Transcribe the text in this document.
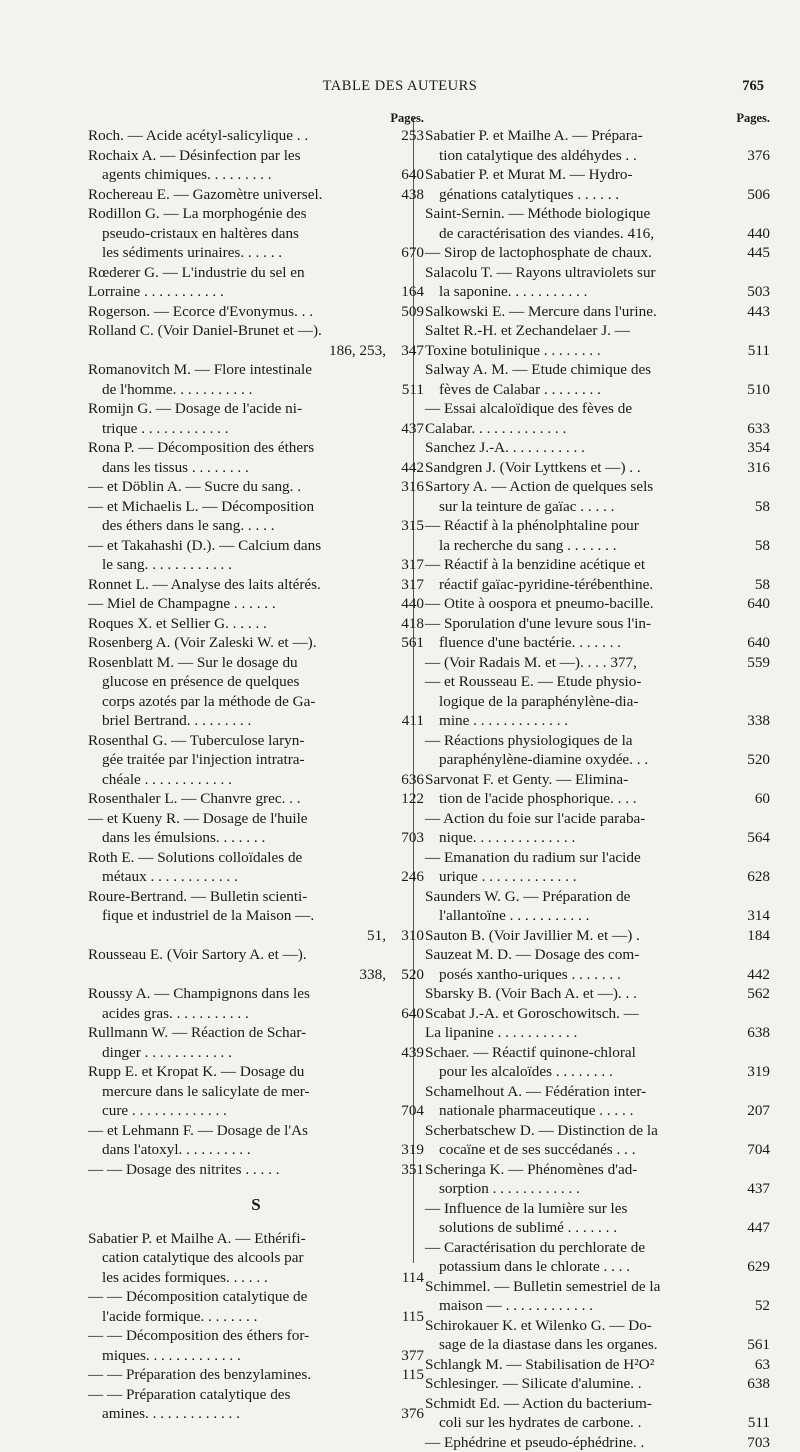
TABLE DES AUTEURS	765
Pages.
Roch. — Acide acétyl-salicylique . .	253
Rochaix A. — Désinfection par les
agents chimiques. . . . . . . . .	640
Rochereau E. — Gazomètre universel.	438
Rodillon G. — La morphogénie des
pseudo-cristaux en haltères dans
les sédiments urinaires. . . . . .	670
Rœderer G. — L'industrie du sel en
Lorraine . . . . . . . . . . .	164
Rogerson. — Ecorce d'Evonymus. . .	509
Rolland C. (Voir Daniel-Brunet et —).
186, 253,	347
Romanovitch M. — Flore intestinale
de l'homme. . . . . . . . . . .	511
Romijn G. — Dosage de l'acide ni-
trique . . . . . . . . . . . .	437
Rona P. — Décomposition des éthers
dans les tissus . . . . . . . .	442
— et Döblin A. — Sucre du sang. .	316
— et Michaelis L. — Décomposition
des éthers dans le sang. . . . .	315
— et Takahashi (D.). — Calcium dans
le sang. . . . . . . . . . . .	317
Ronnet L. — Analyse des laits altérés.	317
— Miel de Champagne . . . . . .	440
Roques X. et Sellier G. . . . . .	418
Rosenberg A. (Voir Zaleski W. et —).	561
Rosenblatt M. — Sur le dosage du
glucose en présence de quelques
corps azotés par la méthode de Ga-
briel Bertrand. . . . . . . . .	411
Rosenthal G. — Tuberculose laryn-
gée traitée par l'injection intratra-
chéale . . . . . . . . . . . .	636
Rosenthaler L. — Chanvre grec. . .	122
— et Kueny R. — Dosage de l'huile
dans les émulsions. . . . . . .	703
Roth E. — Solutions colloïdales de
métaux . . . . . . . . . . . .	246
Roure-Bertrand. — Bulletin scienti-
fique et industriel de la Maison —.
51,	310
Rousseau E. (Voir Sartory A. et —).
338,	520
Roussy A. — Champignons dans les
acides gras. . . . . . . . . . .	640
Rullmann W. — Réaction de Schar-
dinger . . . . . . . . . . . .	439
Rupp E. et Kropat K. — Dosage du
mercure dans le salicylate de mer-
cure . . . . . . . . . . . . .	704
— et Lehmann F. — Dosage de l'As
dans l'atoxyl. . . . . . . . . .	319
— — Dosage des nitrites . . . . .	351
S
Sabatier P. et Mailhe A. — Ethérifi-
cation catalytique des alcools par
les acides formiques. . . . . .	114
— — Décomposition catalytique de
l'acide formique. . . . . . . .	115
— — Décomposition des éthers for-
miques. . . . . . . . . . . . .	377
— — Préparation des benzylamines.	115
— — Préparation catalytique des
amines. . . . . . . . . . . . .	376
Pages.
Sabatier P. et Mailhe A. — Prépara-
tion catalytique des aldéhydes . .	376
Sabatier P. et Murat M. — Hydro-
génations catalytiques . . . . . .	506
Saint-Sernin. — Méthode biologique
de caractérisation des viandes. 416,	440
— Sirop de lactophosphate de chaux.	445
Salacolu T. — Rayons ultraviolets sur
la saponine. . . . . . . . . . .	503
Salkowski E. — Mercure dans l'urine.	443
Saltet R.-H. et Zechandelaer J. —
Toxine botulinique . . . . . . . .	511
Salway A. M. — Etude chimique des
fèves de Calabar . . . . . . . .	510
— Essai alcaloïdique des fèves de
Calabar. . . . . . . . . . . . .	633
Sanchez J.-A. . . . . . . . . . .	354
Sandgren J. (Voir Lyttkens et —) . .	316
Sartory A. — Action de quelques sels
sur la teinture de gaïac . . . . .	58
— Réactif à la phénolphtaline pour
la recherche du sang . . . . . . .	58
— Réactif à la benzidine acétique et
réactif gaïac-pyridine-térébenthine.	58
— Otite à oospora et pneumo-bacille.	640
— Sporulation d'une levure sous l'in-
fluence d'une bactérie. . . . . . .	640
— (Voir Radais M. et —). . . . 377,	559
— et Rousseau E. — Etude physio-
logique de la paraphénylène-dia-
mine . . . . . . . . . . . . .	338
— Réactions physiologiques de la
paraphénylène-diamine oxydée. . .	520
Sarvonat F. et Genty. — Elimina-
tion de l'acide phosphorique. . . .	60
— Action du foie sur l'acide paraba-
nique. . . . . . . . . . . . . .	564
— Emanation du radium sur l'acide
urique . . . . . . . . . . . . .	628
Saunders W. G. — Préparation de
l'allantoïne . . . . . . . . . . .	314
Sauton B. (Voir Javillier M. et —) .	184
Sauzeat M. D. — Dosage des com-
posés xantho-uriques . . . . . . .	442
Sbarsky B. (Voir Bach A. et —). . .	562
Scabat J.-A. et Goroschowitsch. —
La lipanine . . . . . . . . . . .	638
Schaer. — Réactif quinone-chloral
pour les alcaloïdes . . . . . . . .	319
Schamelhout A. — Fédération inter-
nationale pharmaceutique . . . . .	207
Scherbatschew D. — Distinction de la
cocaïne et de ses succédanés . . .	704
Scheringa K. — Phénomènes d'ad-
sorption . . . . . . . . . . . .	437
— Influence de la lumière sur les
solutions de sublimé . . . . . . .	447
— Caractérisation du perchlorate de
potassium dans le chlorate . . . .	629
Schimmel. — Bulletin semestriel de la
maison — . . . . . . . . . . . .	52
Schirokauer K. et Wilenko G. — Do-
sage de la diastase dans les organes.	561
Schlangk M. — Stabilisation de H²O²	63
Schlesinger. — Silicate d'alumine. .	638
Schmidt Ed. — Action du bacterium-
coli sur les hydrates de carbone. .	511
— Ephédrine et pseudo-éphédrine. .	703
